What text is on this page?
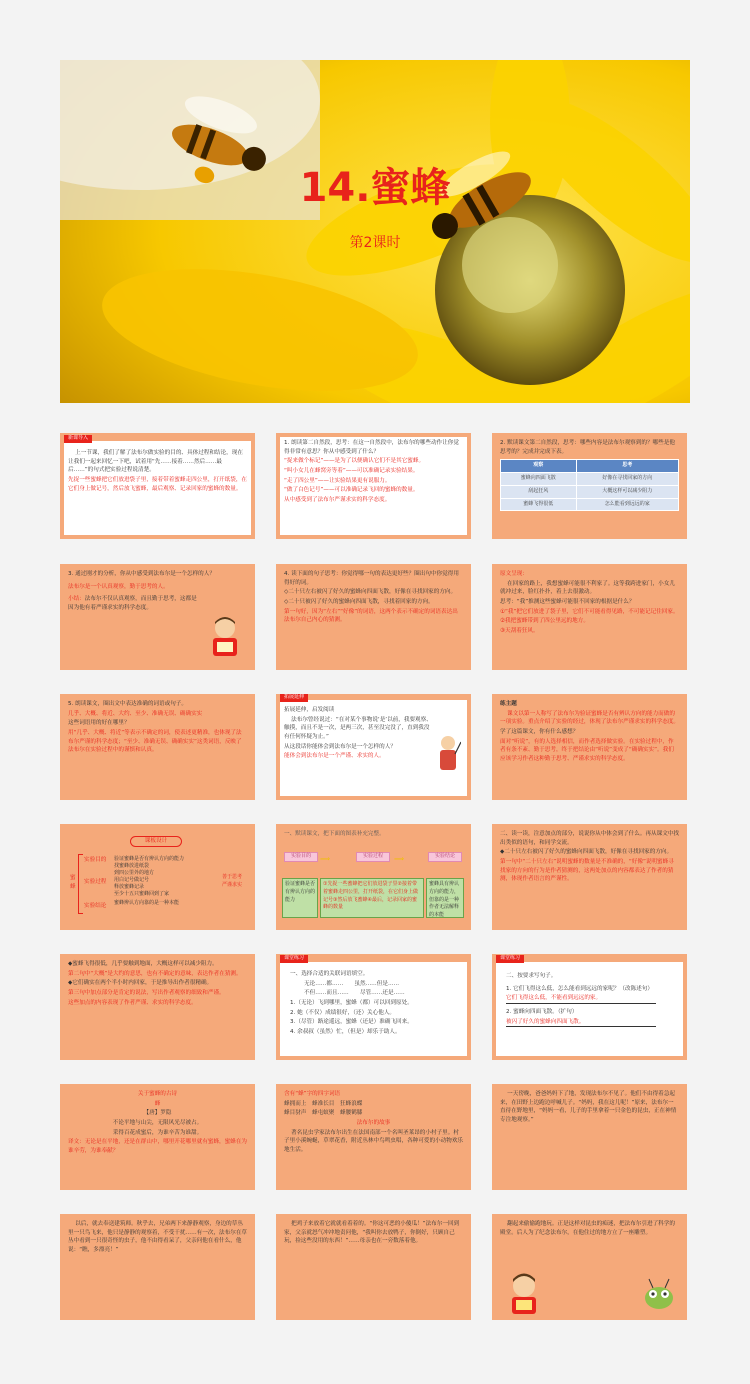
14.蜜蜂
第2课时
新课导入

上一节课，我们了解了法布尔做实验的目的、具体过程和结论，现在让我们一起来回忆一下吧，试着用“先……接着……然后……最后……”的句式把实验过程说清楚。

先捉一些蜜蜂把它们放进袋子里，接着带着蜜蜂走四公里，打开纸袋，在它们身上做记号，然后放飞蜜蜂，最后观察、记录回家的蜜蜂的数量。

1. 朗读第二自然段，思考：在这一自然段中，法布尔的哪些动作让你觉得非常有意思？你从中感受到了什么？

“捉来做个标记”——是为了以便确认它们不是其它蜜蜂。

“叫小女儿在蜂窝旁等着”——可以准确记录实验结果。

“走了四公里”——让实验结果更有说服力。

“做了白色记号”——可以准确记录飞回的蜜蜂的数量。

从中感受到了法布尔严谨求实的科学态度。

2. 默读课文第二自然段，思考：哪些内容是法布尔观察到的？哪些是他思考的？完成并完成下表。

观察	思考
蜜蜂向四面飞散	好像在寻找回家的方向
刮起狂风	大概这样可以减少阻力
蜜蜂飞得很低	怎么能看到远远的家

3. 通过刚才的分析，你从中感受到法布尔是一个怎样的人？

法布尔是一个认真观察，勤于思考的人。

小结：法布尔不仅认真观察，而且勤于思考，这都是因为他有着严谨求实的科学态度。

4. 读下面的句子思考：你觉得哪一句的表达更好些？圈出句中你觉得用得好的词。

◇二十只左右被闪了好久的蜜蜂向四面飞散，好像在寻找回家的方向。

◇二十只被闪了好久的蜜蜂向四面飞散，寻找着回家的方向。

第一句好，因为“左右”“好像”的词语，这两个表示不确定的词语表达出法布尔自己内心的猜测。

原文呈现：

在回家的路上，我想蜜蜂可能很不利家了。这等我跨进家门，小女儿就冲过来，脸红扑扑，着上去很激动。

思考：“我”推测这些蜜蜂可能很不回家的根据是什么？

①“我”把它们放进了袋子里，它们不可能看得见路，不可能记记住回家。

②我把蜜蜂带到了四公里远的地方。

③天刮着狂风。

5. 朗读课文，圈出文中表达准确的词语或句子。

几乎、大概、将近、大约、至少、准确无误、确确实实

这些词语用的好在哪里？

用“几乎、大概、将近”等表示不确定的词，使表述更精准，也体现了法布尔严谨的科学态度；“至少、准确无误、确确实实”这类词语，反映了法布尔在实验过程中的谨慎和认真。

拓展延伸

拓展延伸，启发阅读

法布尔曾经说过：“在对某个事物说‘是’以前，我要观察、触摸，而且不是一次，是两三次，甚至没完没了，直到我没有任何怀疑为止。”

从这段话你能体会到法布尔是一个怎样的人？

能体会到法布尔是一个严谨、求实的人。

练主题

课文以第一人称写了法布尔为验证蜜蜂是否有辨认方向的能力而做的一项实验。重点介绍了实验的经过，体现了法布尔严谨求实的科学态度。

学了这篇课文，你有什么感想？

面对“听说”，有的人选择相信，而作者选择做实验。在实验过程中，作者有条不紊、勤于思考，终于把结论由“听说”变成了“确确实实”。我们应该学习作者这种勤于思考、严谨求实的科学态度。

课板设计
蜜蜂
实验目的
实验过程
实验结论
验证蜜蜂是否有辨认方向的能力
找蜜蜂放进纸袋
到四公里外的地方
用白记号做记号
释放蜜蜂记录
至少十五只蜜蜂回到了家
蜜蜂辨认方向靠的是一种本能
善于思考 严谨求实

一、默读课文，把下面的图表补充完整。

实验目的	实验过程	实验结论
⟹	⟹
验证蜜蜂是否有辨认方向的能力
①先捉一些蜜蜂把它们放进袋子里②接着带着蜜蜂走四公里，打开纸袋，在它们身上做记号③然后放飞蜜蜂④最后，记录回家的蜜蜂的数量
蜜蜂具有辨认方向的能力，但靠的是一种作者无法解释的本能

二、读一读，注意加点的部分，说说你从中体会到了什么。再从课文中找出类似的语句，和同学交流。

◆二十只左右被闪了好久的蜜蜂向四面飞散，好像在寻找回家的方向。

第一句中“二十只左右”说明蜜蜂的数量是不准确的，“好像”说明蜜蜂寻找家的方向的行为是作者猜测的，这两处加点的内容都表达了作者的猜测，体现作者语言的严谨性。

◆蜜蜂飞得很低，几乎要触到地面，大概这样可以减少阻力。

第二句中“大概”是大约的意思，也有不确定的意味，表达作者在猜测。

◆它们确实在两个半小时内回家，于是推导出作者很精确。

第三句中加点部分是肯定的说法，写出作者观察的细致和严谨。

这些加点的内容表现了作者严谨、求实的科学态度。

课堂练习

一、选择合适的关联词语填空。

无论……都……　　 虽然……但是……

不但……而且……　　 尽管……还是……

1.（无论）飞到哪里，蜜蜂（都）可以回到原处。

2. 她（不仅）成绩很好，（还）关心他人。

3.（尽管）路途遥远，蜜蜂（还是）准确飞回来。

4. 余叔叔（虽然）忙，（但是）却乐于助人。

课堂练习

二、按要求写句子。

1. 它们飞得这么低，怎么能看到远远的家呢？（改陈述句）

它们飞得这么低，不能看到远远的家。

2. 蜜蜂向四面飞散。（扩句）

被闪了好久的蜜蜂向四面飞散。

关于蜜蜂的古诗

蜂

【唐】罗隐

不论平地与山尖，无限风光尽被占。

采得百花成蜜后，为谁辛苦为谁甜。

译文：无论是在平地，还是在群山中，哪里开花哪里就有蜜蜂，蜜蜂在为谁辛劳，为谁奉献？

含有“蜂”字的四字词语

蜂拥而上　 蜂准长目　 狂蜂浪蝶

蜂目豺声　 蜂屯蚁聚　 蜂腰鹤膝

法布尔的故事

著名昆虫学家法布尔出生在法国南部一个名叫圣莱昂的小村子里。村子里小溪蜿蜒，草翠花香，附近丛林中鸟鸣虫唱，各种可爱的小动物欢乐地生活。

一天傍晚，爸爸妈妈下了地，发现法布尔不见了。他们不由得着急起来，在田野上边跑边呼喊儿子。“妈妈，我在这儿呢！”原来，法布尔一直待在野地里，“妈妈一看，儿子的手里拿着一只金色的昆虫，正在神情专注地观察。”

以后，就去奉送建筑师。秋乎去，兄弟两下来静静观察，身边的草丛里一只鸟飞来，他只是静静的观察着，不受干扰……有一次，法布尔在草丛中看到一只很奇怪的虫子，他不由得看呆了，父亲问他在看什么，他说：“瞧，多漂亮！”

把鸡子来放着它就就看着着的。“你这可恶的小傻瓜！”法布尔一回到家，父亲就怒气冲冲地责问他，“我叫你去放鸭子，你倒好，只顾自己玩，捡这些没用的东西！”……母亲也在一旁数落着他。

翻起来偷偷跑地玩。正是这样对昆虫的痴迷，把法布尔引进了科学的殿堂。后人为了纪念法布尔，在他住过的地方立了一座雕塑。
